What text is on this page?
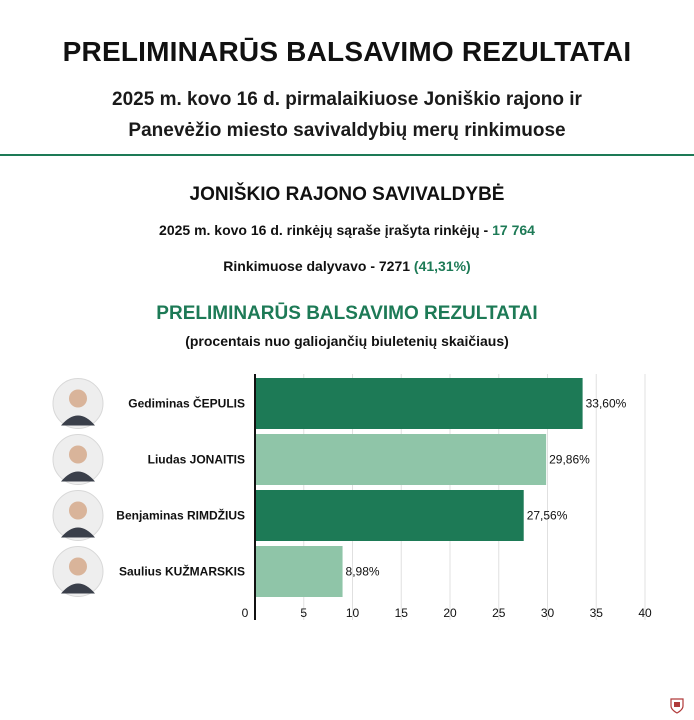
PRELIMINARŪS BALSAVIMO REZULTATAI
2025 m. kovo 16 d. pirmalaikiuose Joniškio rajono ir
Panevėžio miesto savivaldybių merų rinkimuose
JONIŠKIO RAJONO SAVIVALDYBĖ
2025 m. kovo 16 d. rinkėjų sąraše įrašyta rinkėjų - 17 764
Rinkimuose dalyvavo - 7271 (41,31%)
PRELIMINARŪS BALSAVIMO REZULTATAI
(procentais nuo galiojančių biuletenių skaičiaus)
33,60%
Gediminas ČEPULIS
29,86%
Liudas JONAITIS
27,56%
Benjaminas RIMDŽIUS
8,98%
Saulius KUŽMARSKIS
0	5	10	15	20	25	30	35	40
